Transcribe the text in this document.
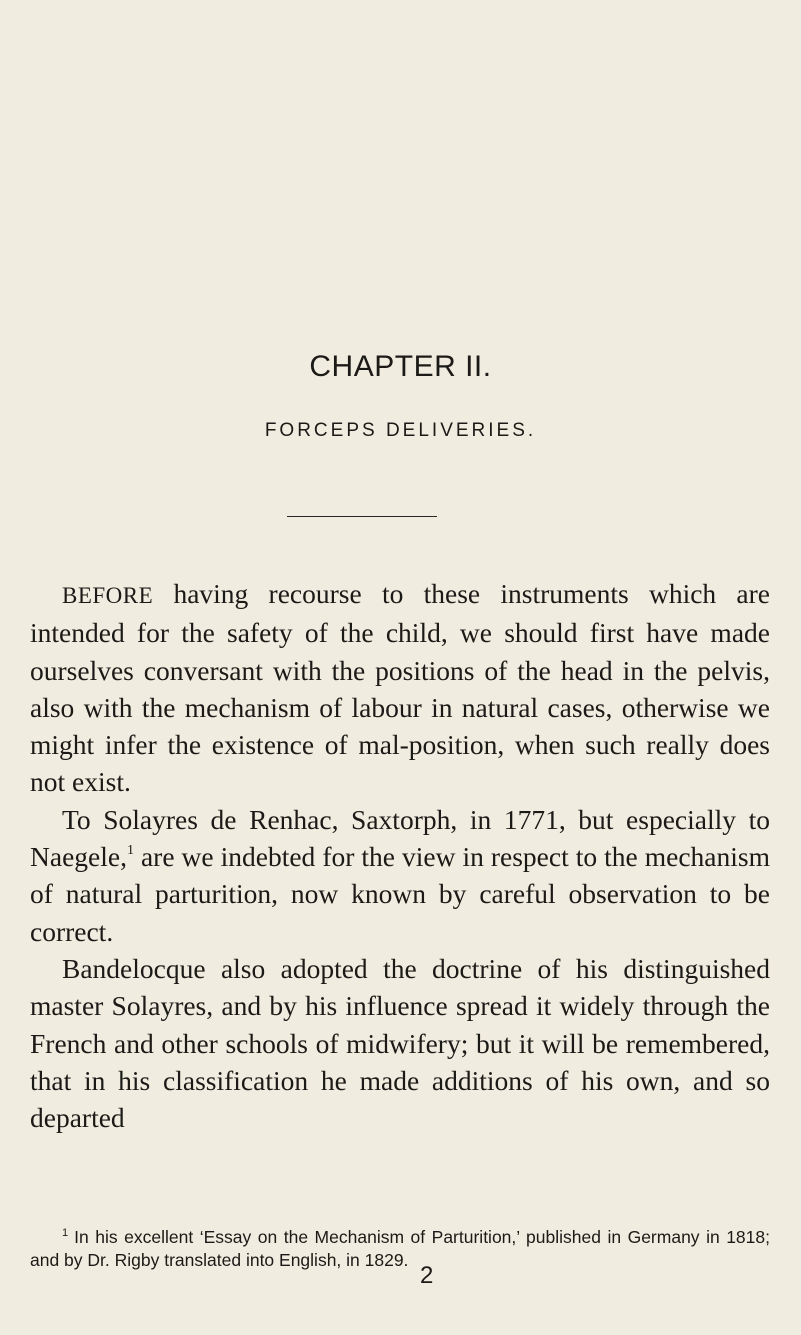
CHAPTER II.
FORCEPS DELIVERIES.

BEFORE having recourse to these instruments which are intended for the safety of the child, we should first have made ourselves conversant with the positions of the head in the pelvis, also with the mechanism of labour in natural cases, otherwise we might infer the existence of mal-position, when such really does not exist.

To Solayres de Renhac, Saxtorph, in 1771, but especially to Naegele,$^1$ are we indebted for the view in respect to the mechanism of natural parturition, now known by careful observation to be correct.

Bandelocque also adopted the doctrine of his distinguished master Solayres, and by his influence spread it widely through the French and other schools of midwifery; but it will be remembered, that in his classification he made additions of his own, and so departed

$^1$ In his excellent ‘Essay on the Mechanism of Parturition,’ published in Germany in 1818; and by Dr. Rigby translated into English, in 1829.

2
